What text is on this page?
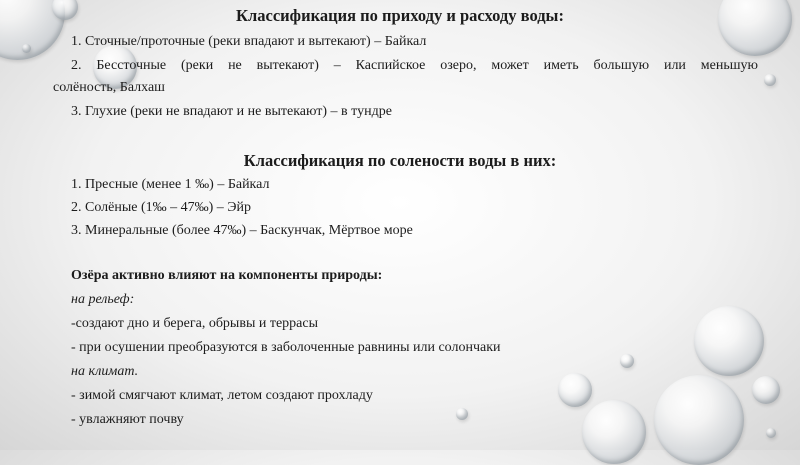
Классификация по приходу и расходу воды:
1. Сточные/проточные (реки впадают и вытекают) – Байкал
2. Бессточные (реки не вытекают) – Каспийское озеро, может иметь большую или меньшую
солёность, Балхаш
3. Глухие (реки не впадают и не вытекают) – в тундре
Классификация по солености воды в них:
1. Пресные (менее 1 ‰) – Байкал
2. Солёные (1‰ – 47‰) – Эйр
3. Минеральные (более 47‰) – Баскунчак, Мёртвое море
Озёра активно влияют на компоненты природы:
на рельеф:
-создают дно и берега, обрывы и террасы
- при осушении преобразуются в заболоченные равнины или солончаки
на климат.
- зимой смягчают климат, летом создают прохладу
- увлажняют почву
